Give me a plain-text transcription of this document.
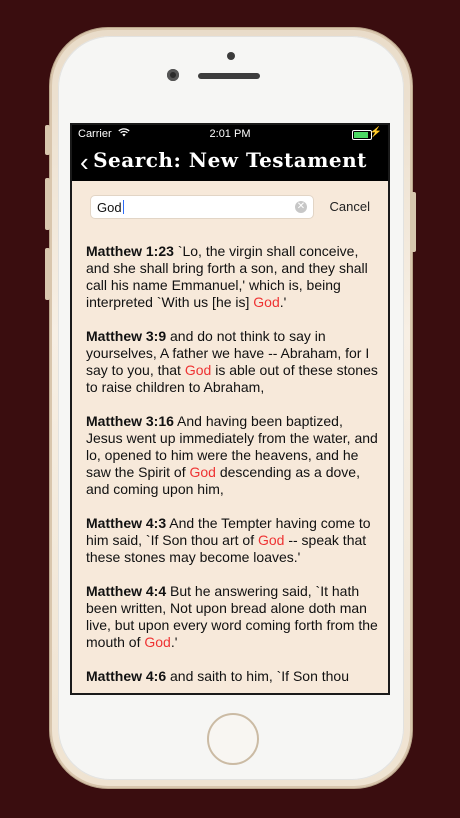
Carrier	2:01 PM	⚡
‹ Search: New Testament
God	✕ Cancel

Matthew 1:23 `Lo, the virgin shall conceive, and she shall bring forth a son, and they shall call his name Emmanuel,' which is, being interpreted `With us [he is] God.'

Matthew 3:9 and do not think to say in yourselves, A father we have -- Abraham, for I say to you, that God is able out of these stones to raise children to Abraham,

Matthew 3:16 And having been baptized, Jesus went up immediately from the water, and lo, opened to him were the heavens, and he saw the Spirit of God descending as a dove, and coming upon him,

Matthew 4:3 And the Tempter having come to him said, `If Son thou art of God -- speak that these stones may become loaves.'

Matthew 4:4 But he answering said, `It hath been written, Not upon bread alone doth man live, but upon every word coming forth from the mouth of God.'

Matthew 4:6 and saith to him, `If Son thou
